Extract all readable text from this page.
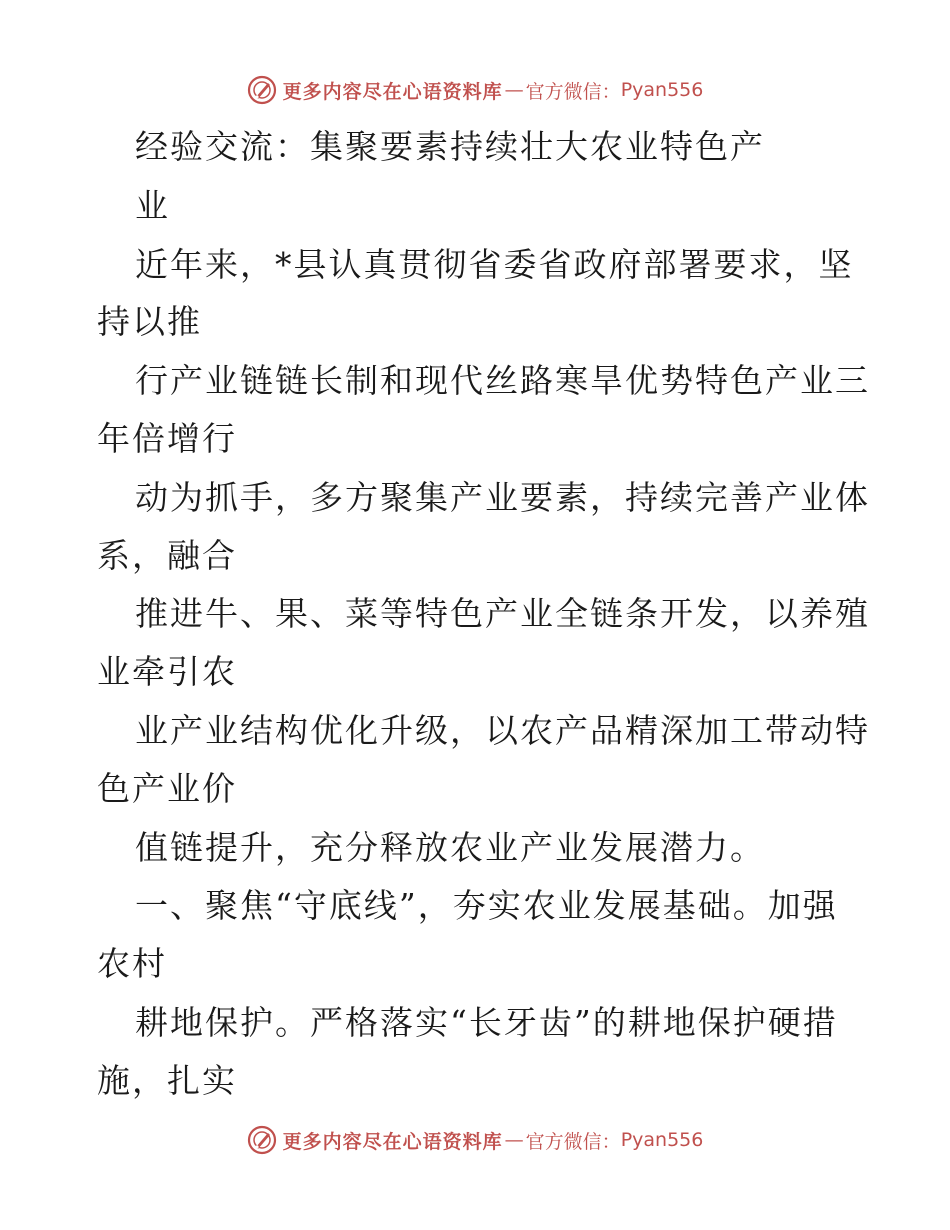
更多内容尽在心语资料库 — 官方微信： Pyan556
经验交流：集聚要素持续壮大农业特色产
业
近年来，*县认真贯彻省委省政府部署要求，坚
持以推
行产业链链长制和现代丝路寒旱优势特色产业三
年倍增行
动为抓手，多方聚集产业要素，持续完善产业体
系，融合
推进牛、果、菜等特色产业全链条开发，以养殖
业牵引农
业产业结构优化升级，以农产品精深加工带动特
色产业价
值链提升，充分释放农业产业发展潜力。
一、聚焦“守底线”，夯实农业发展基础。加强
农村
耕地保护。严格落实“长牙齿”的耕地保护硬措
施，扎实
更多内容尽在心语资料库 — 官方微信： Pyan556
